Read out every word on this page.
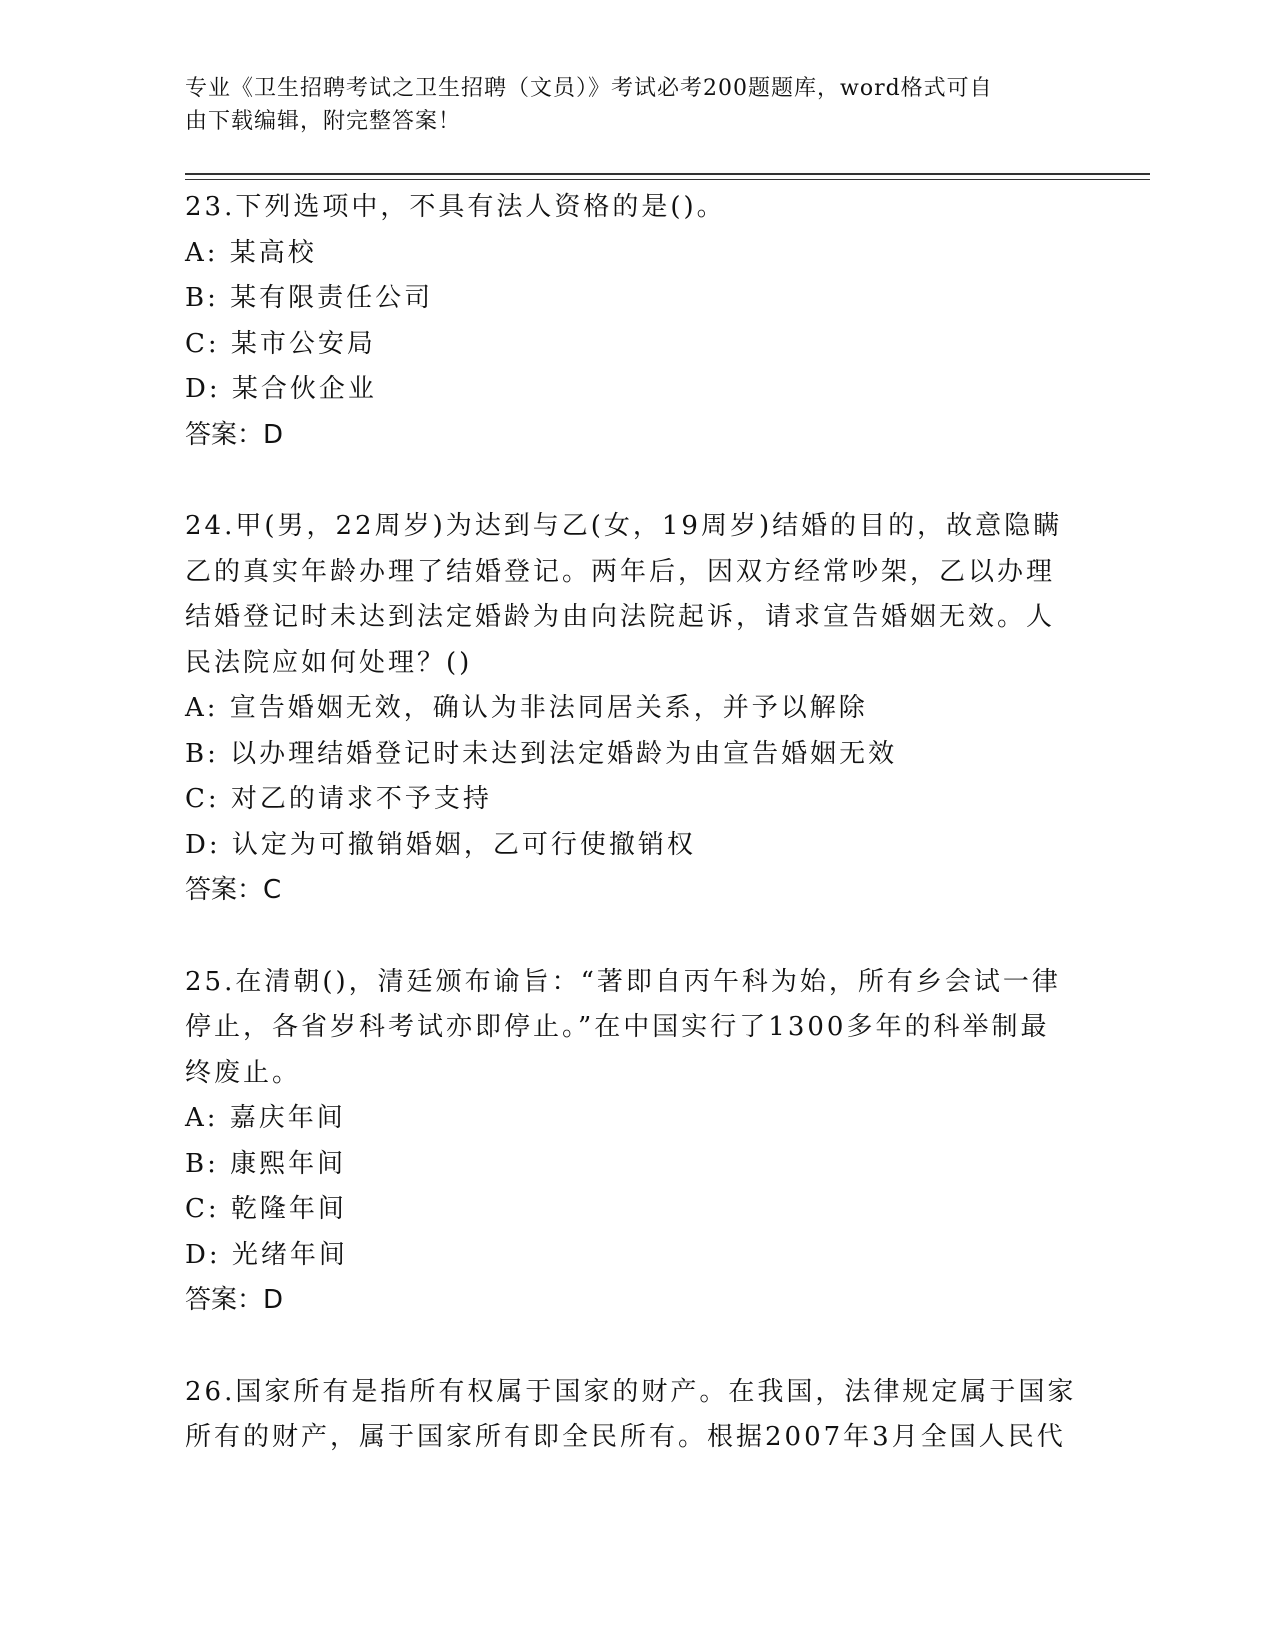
专业《卫生招聘考试之卫生招聘（文员）》考试必考200题题库，word格式可自
由下载编辑，附完整答案！
23.下列选项中，不具有法人资格的是()。
A: 某高校
B: 某有限责任公司
C: 某市公安局
D: 某合伙企业
答案：D
24.甲(男，22周岁)为达到与乙(女，19周岁)结婚的目的，故意隐瞒
乙的真实年龄办理了结婚登记。两年后，因双方经常吵架，乙以办理
结婚登记时未达到法定婚龄为由向法院起诉，请求宣告婚姻无效。人
民法院应如何处理？()
A: 宣告婚姻无效，确认为非法同居关系，并予以解除
B: 以办理结婚登记时未达到法定婚龄为由宣告婚姻无效
C: 对乙的请求不予支持
D: 认定为可撤销婚姻，乙可行使撤销权
答案：C
25.在清朝()，清廷颁布谕旨：“著即自丙午科为始，所有乡会试一律
停止，各省岁科考试亦即停止。”在中国实行了1300多年的科举制最
终废止。
A: 嘉庆年间
B: 康熙年间
C: 乾隆年间
D: 光绪年间
答案：D
26.国家所有是指所有权属于国家的财产。在我国，法律规定属于国家
所有的财产，属于国家所有即全民所有。根据2007年3月全国人民代
